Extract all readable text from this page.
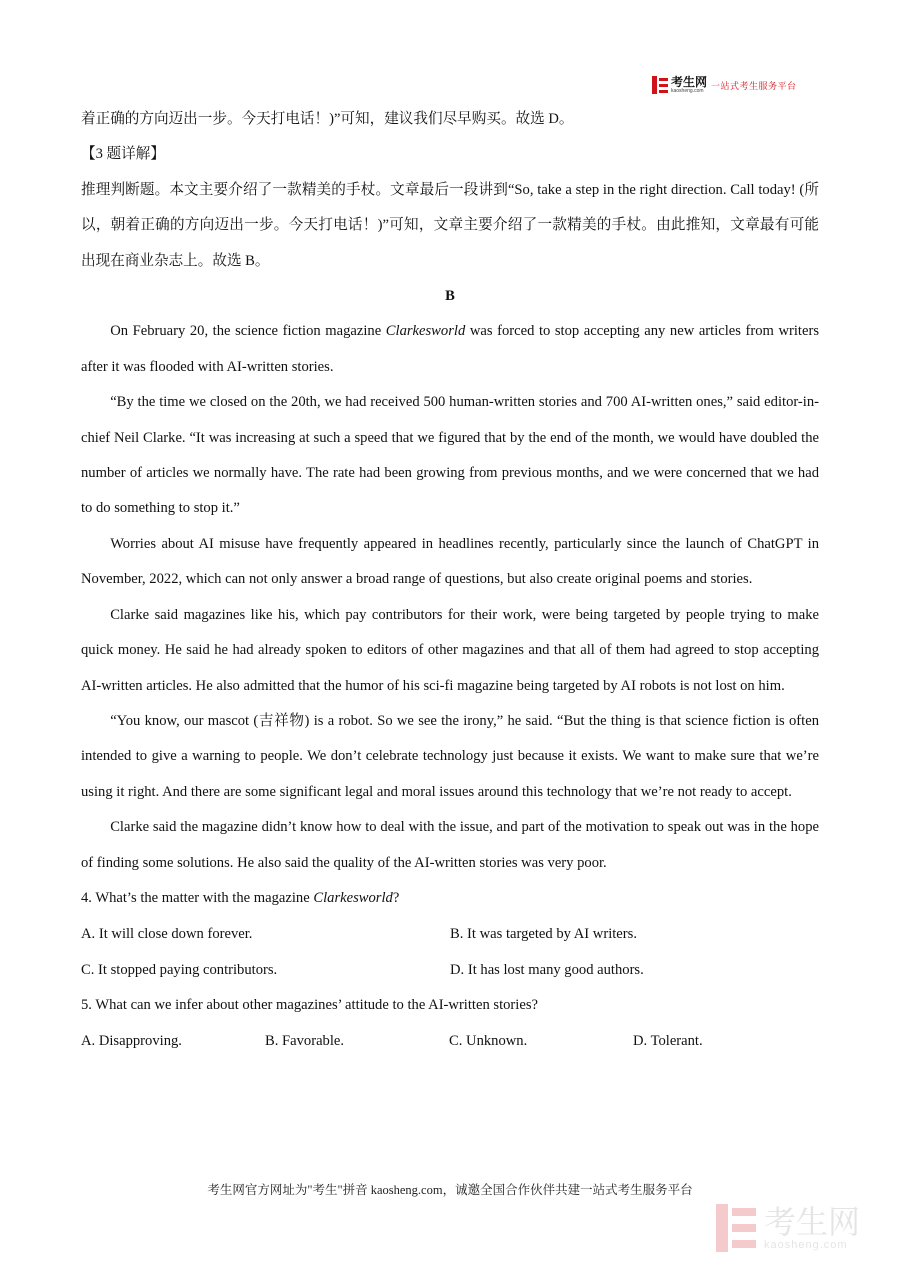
考生网
kaosheng.com 一站式考生服务平台

着正确的方向迈出一步。今天打电话！)”可知，建议我们尽早购买。故选 D。

【3 题详解】

推理判断题。本文主要介绍了一款精美的手杖。文章最后一段讲到“So, take a step in the right direction. Call today! (所以，朝着正确的方向迈出一步。今天打电话！)”可知，文章主要介绍了一款精美的手杖。由此推知，文章最有可能出现在商业杂志上。故选 B。

B

On February 20, the science fiction magazine Clarkesworld was forced to stop accepting any new articles from writers after it was flooded with AI-written stories.

“By the time we closed on the 20th, we had received 500 human-written stories and 700 AI-written ones,” said editor-in-chief Neil Clarke. “It was increasing at such a speed that we figured that by the end of the month, we would have doubled the number of articles we normally have. The rate had been growing from previous months, and we were concerned that we had to do something to stop it.”

Worries about AI misuse have frequently appeared in headlines recently, particularly since the launch of ChatGPT in November, 2022, which can not only answer a broad range of questions, but also create original poems and stories.

Clarke said magazines like his, which pay contributors for their work, were being targeted by people trying to make quick money. He said he had already spoken to editors of other magazines and that all of them had agreed to stop accepting AI-written articles. He also admitted that the humor of his sci-fi magazine being targeted by AI robots is not lost on him.

“You know, our mascot (吉祥物) is a robot. So we see the irony,” he said. “But the thing is that science fiction is often intended to give a warning to people. We don’t celebrate technology just because it exists. We want to make sure that we’re using it right. And there are some significant legal and moral issues around this technology that we’re not ready to accept.

Clarke said the magazine didn’t know how to deal with the issue, and part of the motivation to speak out was in the hope of finding some solutions. He also said the quality of the AI-written stories was very poor.

4. What’s the matter with the magazine Clarkesworld?

A. It will close down forever.	B. It was targeted by AI writers.
C. It stopped paying contributors.	D. It has lost many good authors.

5. What can we infer about other magazines’ attitude to the AI-written stories?

A. Disapproving.	B. Favorable.	C. Unknown.	D. Tolerant.
考生网官方网址为"考生"拼音 kaosheng.com，诚邀全国合作伙伴共建一站式考生服务平台
考生网
kaosheng.com
